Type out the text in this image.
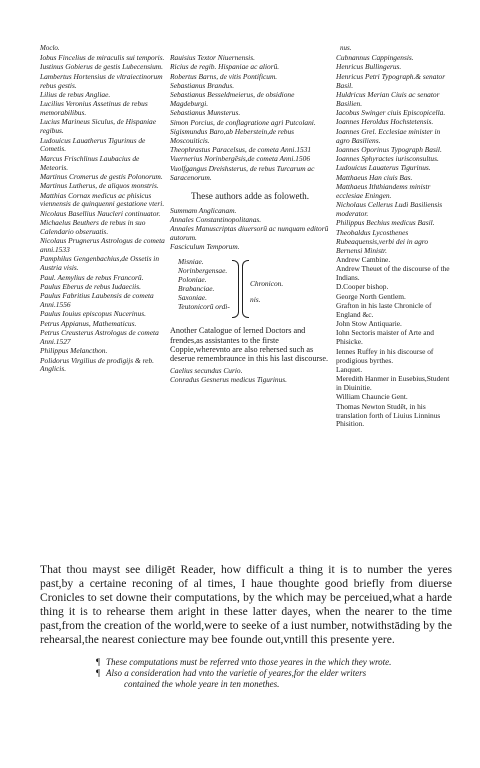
Moclo.	nus.
Iobus Fincelius de miraculis sui temporis.
Iustinus Gobierus de gestis Lubecensium.
Lambertus Hortensius de vltraiectinorum rebus gestis.
Lilius de rebus Angliae.
Lucilius Veronius Assetinus de rebus memorabilibus.
Lucius Marineus Siculus, de Hispaniae regibus.
Ludouicus Lauatherus Tigurinus de Cometis.
Marcus Frischlinus Laubacius de Meteoris.
Martinus Cromerus de gestis Polonorum.
Martinus Lutherus, de aliquos monstris.
Matthias Cornax medicus ac phisicus viennensis de quinquenni gestatione vteri.
Nicolaus Basellius Naucleri continuator.
Michaelus Beuthers de rebus in suo Calendario obseruatis.
Nicolaus Prugnerus Astrologus de cometa anni.1533
Pamphilus Gengenbachius,de Ossetis in Austria visis.
Paul. Aemylius de rebus Francorū.
Paulus Eberus de rebus Iudaeciis.
Paulus Fabritius Laubensis de cometa Anni.1556
Paulus Iouius episcopus Nucerinus.
Petrus Appianus, Mathematicus.
Petrus Creusterus Astrologus de cometa Anni.1527
Philippus Melancthon.
Polidorus Virgilius de prodigijs & reb. Anglicis.
Rauisius Textor Niuernensis.
Ricius de regib. Hispaniae ac aliorū.
Robertus Barns, de vitis Pontificum.
Sebastianus Brandus.
Sebastianus Besseldmeierus, de obsidione Magdeburgi.
Sebastianus Munsterus.
Simon Porcius, de conflagratione agri Putcolani.
Sigismundus Baro,ab Heberstein,de rebus Moscouiticis.
Theophrastus Paracelsus, de cometa Anni.1531
Vuernerius Norinbergēsis,de cometa Anni.1506
Vuolfgangus Dreishsterus, de rebus Turcarum ac Saracenorum.
These authors adde as foloweth.
Summam Anglicanam.
Annales Constantinopolitanas.
Annales Manuscriptas diuersorū ac nunquam editorū autorum.
Fasciculum Temporum.
Misniae.
Norinbergensae.
Poloniae.
Brabanciae.
Saxoniae.
Teutonicorū ordi-
Chronicon.
nis.
Another Catalogue of lerned Doctors and frendes,as assistantes to the firste Coppie,wherevnto are also rehersed such as deserue remembraunce in this his last discourse.
Caelius secundus Curio.
Conradus Gesnerus medicus Tigurinus.
Cubnannus Cappingensis.
Henricus Bullingerus.
Henricus Petri Typograph.& senator Basil.
Huldricus Merian Ciuis ac senator Basilien.
Iacobus Swinger ciuis Episcopicella.
Ioannes Heroldus Hochstetensis.
Ioannes Grel. Ecclesiae minister in agro Basiliens.
Ioannes Oporinus Typograph Basil.
Ioannes Sphyractes iurisconsultus.
Ludouicus Lauaterus Tigurinus.
Matthaeus Han ciuis Bas.
Matthaeus Iththiandems ministr ecclesiae Eningen.
Nicholaus Cellerus Ludi Basiliensis moderator.
Philippus Bechius medicus Basil.
Theobaldus Lycosthenes Rubeaquensis,verbi dei in agro Bernensi Ministr.
Andrew Cambine.
Andrew Theuet of the discourse of the Indians.
D.Cooper bishop.
George North Gentlem.
Grafton in his laste Chronicle of England &c.
John Stow Antiquarie.
Iohn Sectoris maister of Arte and Phisicke.
Iennes Ruffey in his discourse of prodigious byrthes.
Lanquet.
Meredith Hanmer in Eusebius,Student in Diuinitie.
William Chauncie Gent.
Thomas Newton Studēt, in his translation forth of Liuius Linninus Phisition.
That thou mayst see diligēt Reader, how difficult a thing it is to number the yeres past,by a certaine reconing of al times, I haue thoughte good briefly from diuerse Cronicles to set downe their computations, by the which may be perceiued,what a harde thing it is to rehearse them aright in these latter dayes, when the nearer to the time past,from the creation of the world,were to seeke of a iust number, notwithstāding by the rehearsal,the nearest coniecture may bee founde out,vntill this presente yere.
¶ These computations must be referred vnto those yeares in the which they wrote.
¶ Also a consideration had vnto the varietie of yeares,for the elder writers
contained the whole yeare in ten monethes.
